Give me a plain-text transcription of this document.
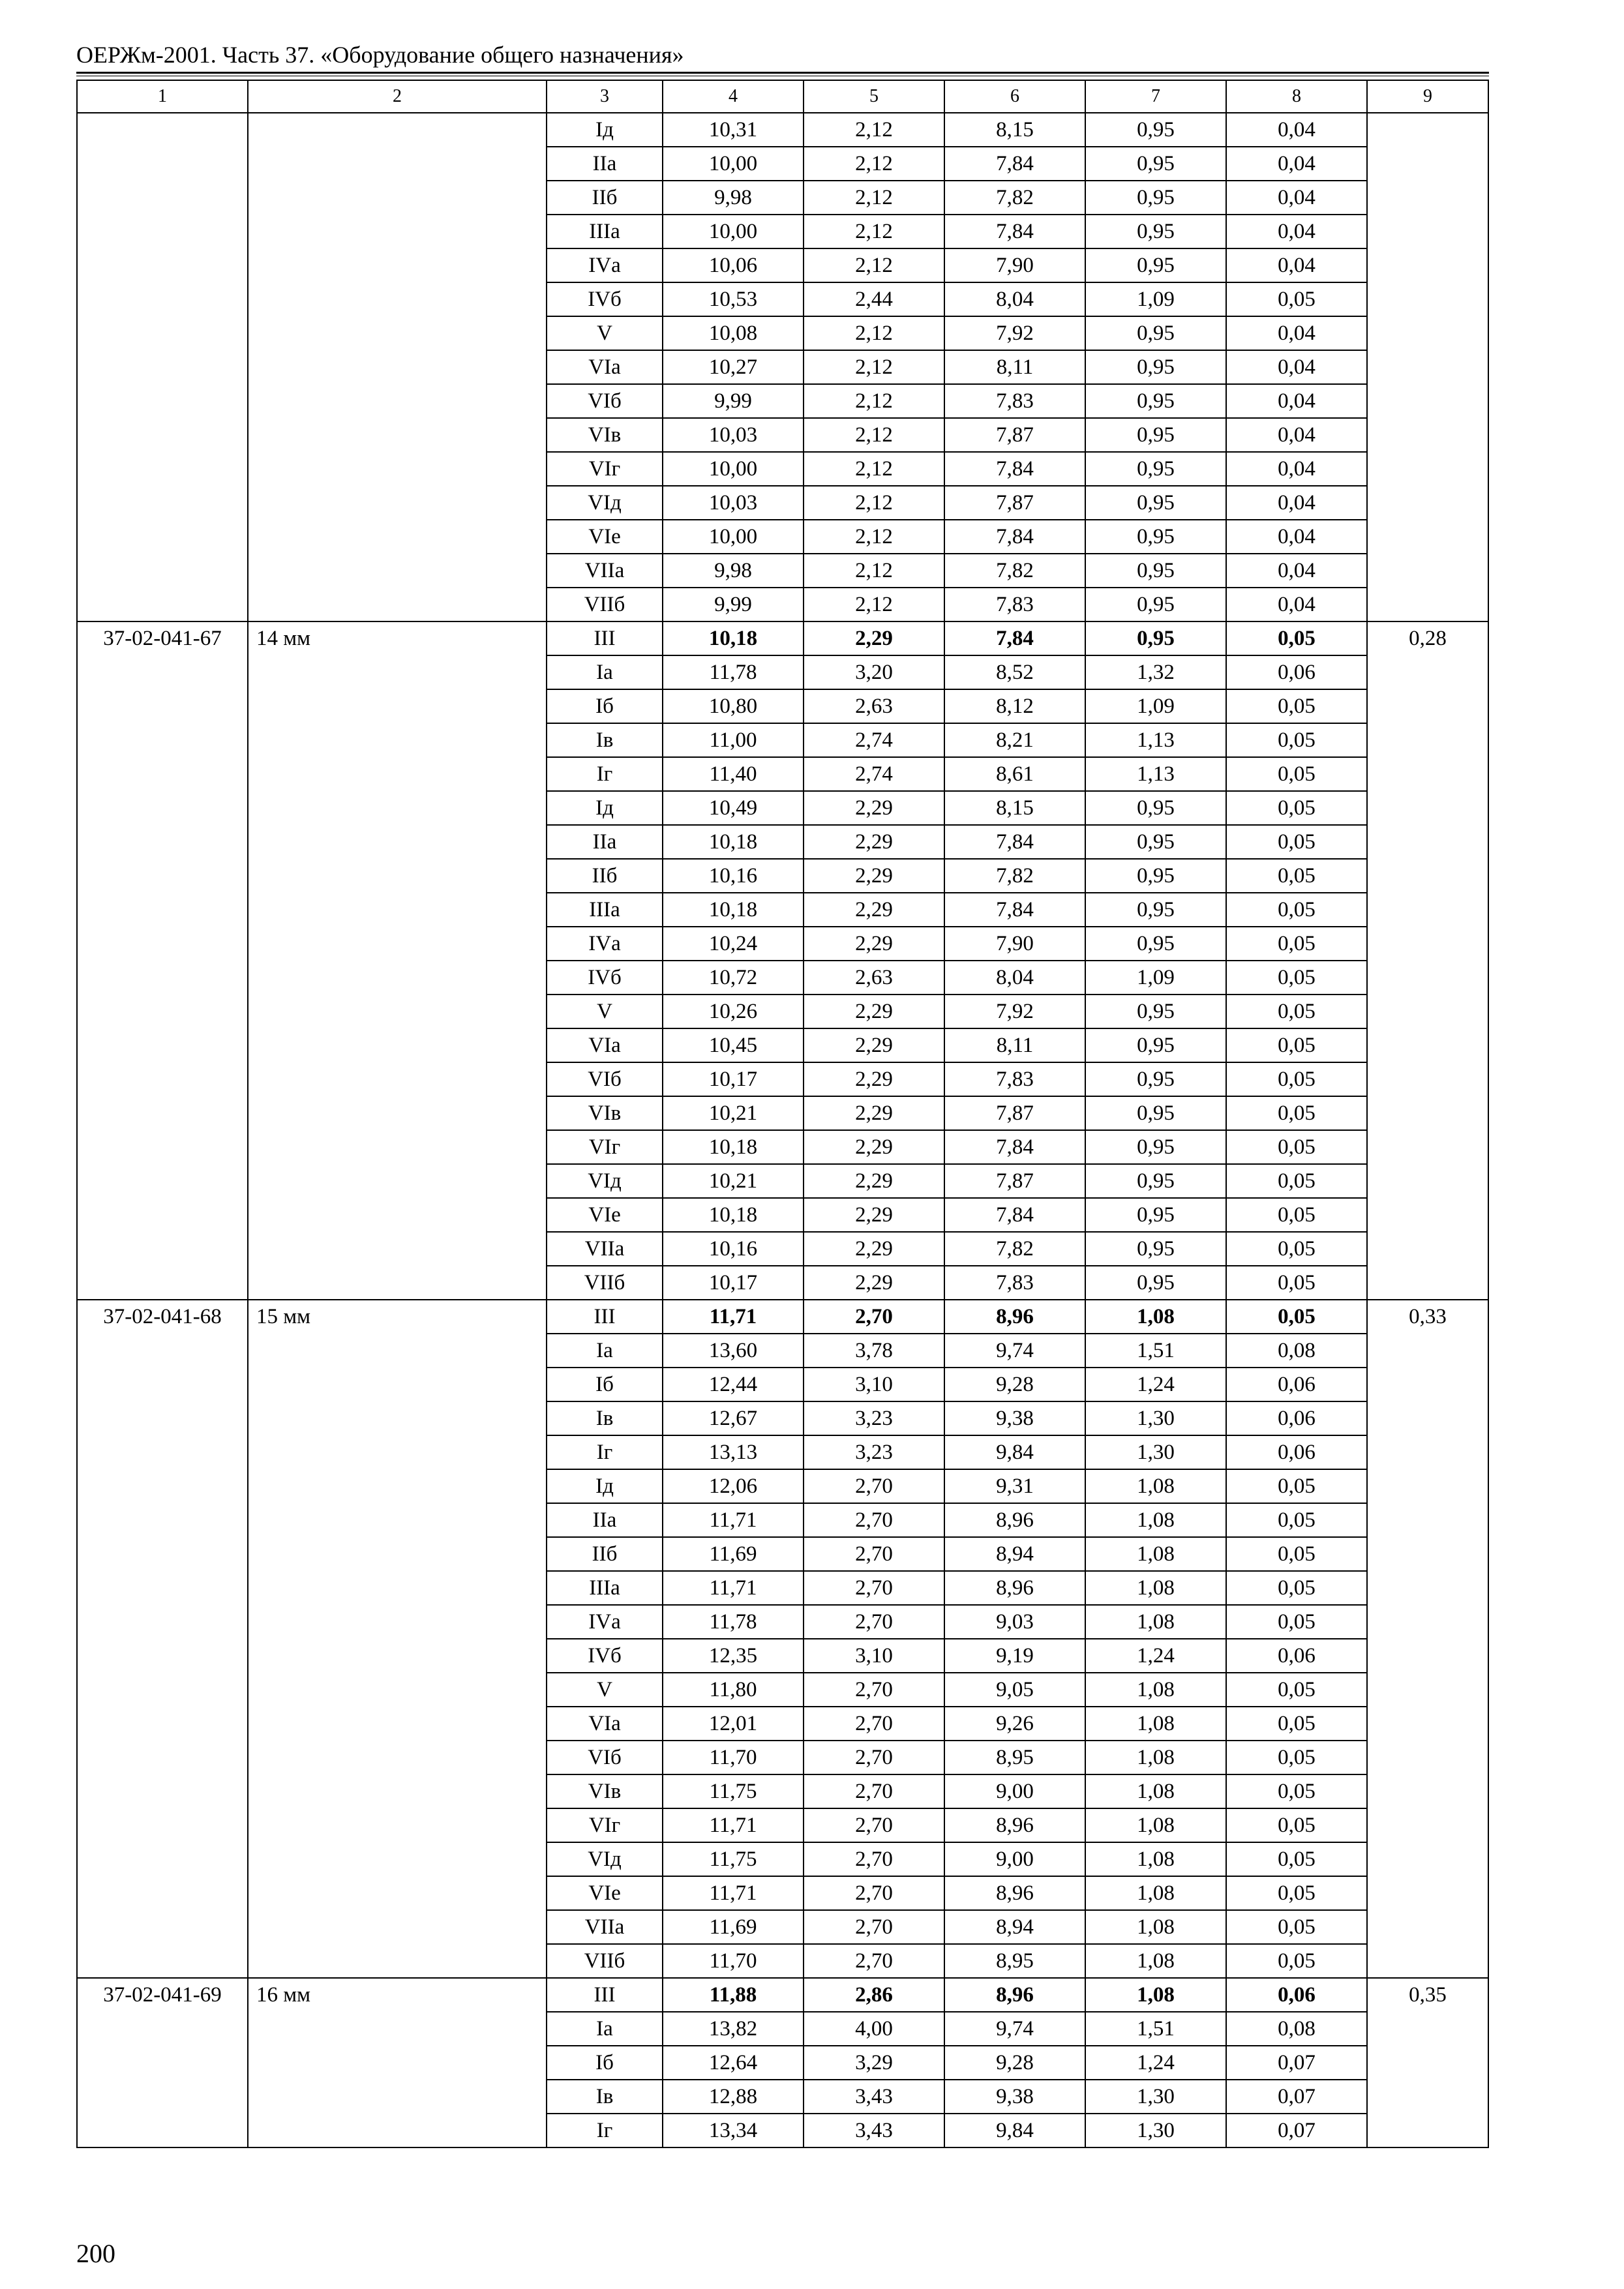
ОЕРЖм-2001. Часть 37. «Оборудование общего назначения»
1	2	3	4	5	6	7	8	9
		Iд	10,31	2,12	8,15	0,95	0,04	
		IIа	10,00	2,12	7,84	0,95	0,04	
		IIб	9,98	2,12	7,82	0,95	0,04	
		IIIа	10,00	2,12	7,84	0,95	0,04	
		IVа	10,06	2,12	7,90	0,95	0,04	
		IVб	10,53	2,44	8,04	1,09	0,05	
		V	10,08	2,12	7,92	0,95	0,04	
		VIа	10,27	2,12	8,11	0,95	0,04	
		VIб	9,99	2,12	7,83	0,95	0,04	
		VIв	10,03	2,12	7,87	0,95	0,04	
		VIг	10,00	2,12	7,84	0,95	0,04	
		VIд	10,03	2,12	7,87	0,95	0,04	
		VIе	10,00	2,12	7,84	0,95	0,04	
		VIIа	9,98	2,12	7,82	0,95	0,04	
		VIIб	9,99	2,12	7,83	0,95	0,04	
37-02-041-67	14 мм	III	10,18	2,29	7,84	0,95	0,05	0,28
		Iа	11,78	3,20	8,52	1,32	0,06	
		Iб	10,80	2,63	8,12	1,09	0,05	
		Iв	11,00	2,74	8,21	1,13	0,05	
		Iг	11,40	2,74	8,61	1,13	0,05	
		Iд	10,49	2,29	8,15	0,95	0,05	
		IIа	10,18	2,29	7,84	0,95	0,05	
		IIб	10,16	2,29	7,82	0,95	0,05	
		IIIа	10,18	2,29	7,84	0,95	0,05	
		IVа	10,24	2,29	7,90	0,95	0,05	
		IVб	10,72	2,63	8,04	1,09	0,05	
		V	10,26	2,29	7,92	0,95	0,05	
		VIа	10,45	2,29	8,11	0,95	0,05	
		VIб	10,17	2,29	7,83	0,95	0,05	
		VIв	10,21	2,29	7,87	0,95	0,05	
		VIг	10,18	2,29	7,84	0,95	0,05	
		VIд	10,21	2,29	7,87	0,95	0,05	
		VIе	10,18	2,29	7,84	0,95	0,05	
		VIIа	10,16	2,29	7,82	0,95	0,05	
		VIIб	10,17	2,29	7,83	0,95	0,05	
37-02-041-68	15 мм	III	11,71	2,70	8,96	1,08	0,05	0,33
		Iа	13,60	3,78	9,74	1,51	0,08	
		Iб	12,44	3,10	9,28	1,24	0,06	
		Iв	12,67	3,23	9,38	1,30	0,06	
		Iг	13,13	3,23	9,84	1,30	0,06	
		Iд	12,06	2,70	9,31	1,08	0,05	
		IIа	11,71	2,70	8,96	1,08	0,05	
		IIб	11,69	2,70	8,94	1,08	0,05	
		IIIа	11,71	2,70	8,96	1,08	0,05	
		IVа	11,78	2,70	9,03	1,08	0,05	
		IVб	12,35	3,10	9,19	1,24	0,06	
		V	11,80	2,70	9,05	1,08	0,05	
		VIа	12,01	2,70	9,26	1,08	0,05	
		VIб	11,70	2,70	8,95	1,08	0,05	
		VIв	11,75	2,70	9,00	1,08	0,05	
		VIг	11,71	2,70	8,96	1,08	0,05	
		VIд	11,75	2,70	9,00	1,08	0,05	
		VIе	11,71	2,70	8,96	1,08	0,05	
		VIIа	11,69	2,70	8,94	1,08	0,05	
		VIIб	11,70	2,70	8,95	1,08	0,05	
37-02-041-69	16 мм	III	11,88	2,86	8,96	1,08	0,06	0,35
		Iа	13,82	4,00	9,74	1,51	0,08	
		Iб	12,64	3,29	9,28	1,24	0,07	
		Iв	12,88	3,43	9,38	1,30	0,07	
		Iг	13,34	3,43	9,84	1,30	0,07	
200
